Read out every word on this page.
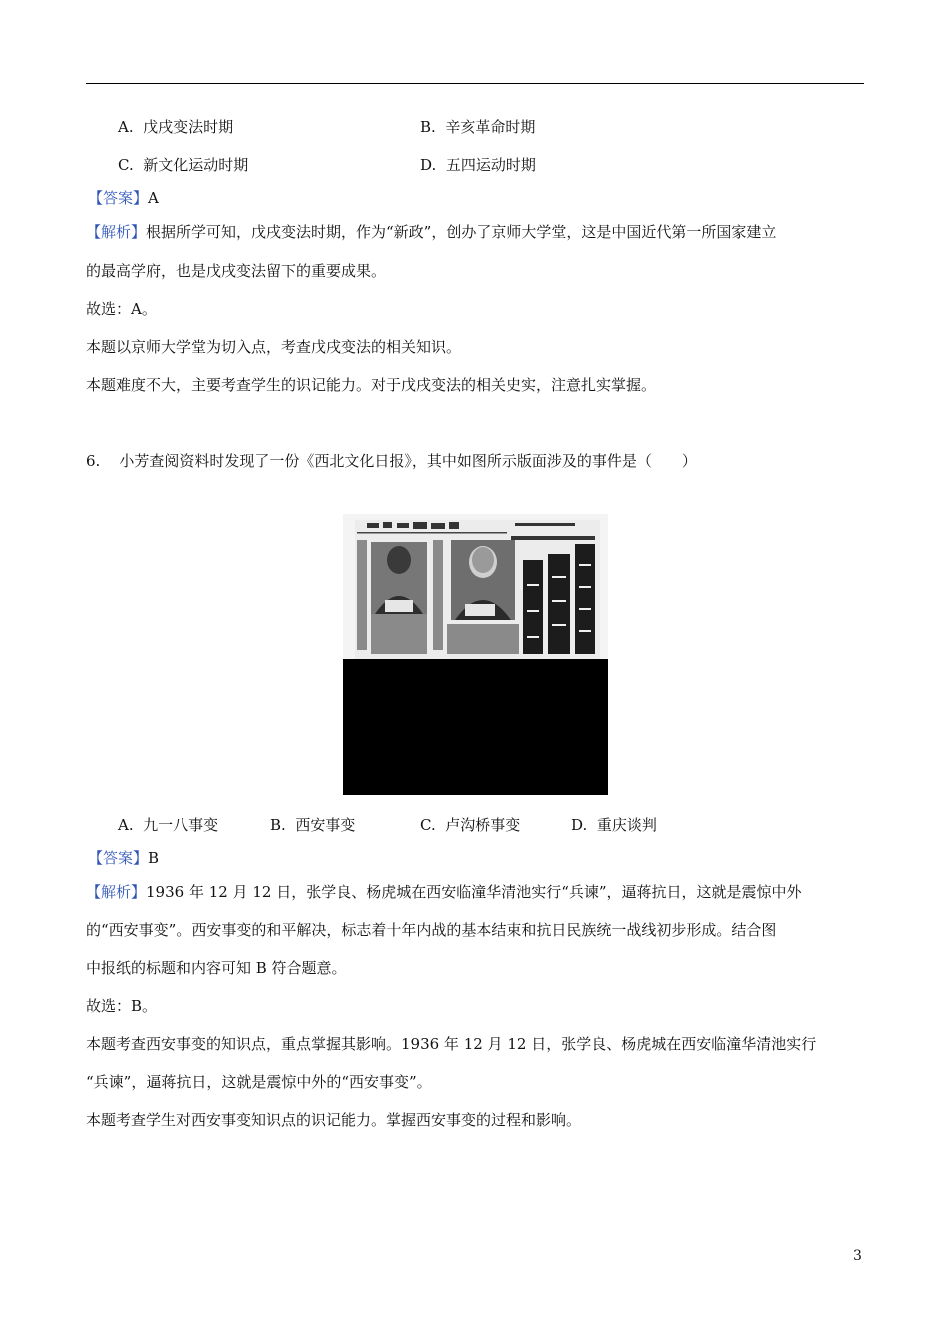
A. 戊戌变法时期	B. 辛亥革命时期
C. 新文化运动时期	D. 五四运动时期
【答案】A
【解析】根据所学可知，戊戌变法时期，作为“新政”，创办了京师大学堂，这是中国近代第一所国家建立
的最高学府，也是戊戌变法留下的重要成果。
故选：A。
本题以京师大学堂为切入点，考查戊戌变法的相关知识。
本题难度不大，主要考查学生的识记能力。对于戊戌变法的相关史实，注意扎实掌握。
6. 小芳查阅资料时发现了一份《西北文化日报》，其中如图所示版面涉及的事件是（　　）
A. 九一八事变	B. 西安事变	C. 卢沟桥事变	D. 重庆谈判
【答案】B
【解析】1936 年 12 月 12 日，张学良、杨虎城在西安临潼华清池实行“兵谏”，逼蒋抗日，这就是震惊中外
的“西安事变”。西安事变的和平解决，标志着十年内战的基本结束和抗日民族统一战线初步形成。结合图
中报纸的标题和内容可知 B 符合题意。
故选：B。
本题考查西安事变的知识点，重点掌握其影响。1936 年 12 月 12 日，张学良、杨虎城在西安临潼华清池实行
“兵谏”，逼蒋抗日，这就是震惊中外的“西安事变”。
本题考查学生对西安事变知识点的识记能力。掌握西安事变的过程和影响。
3
